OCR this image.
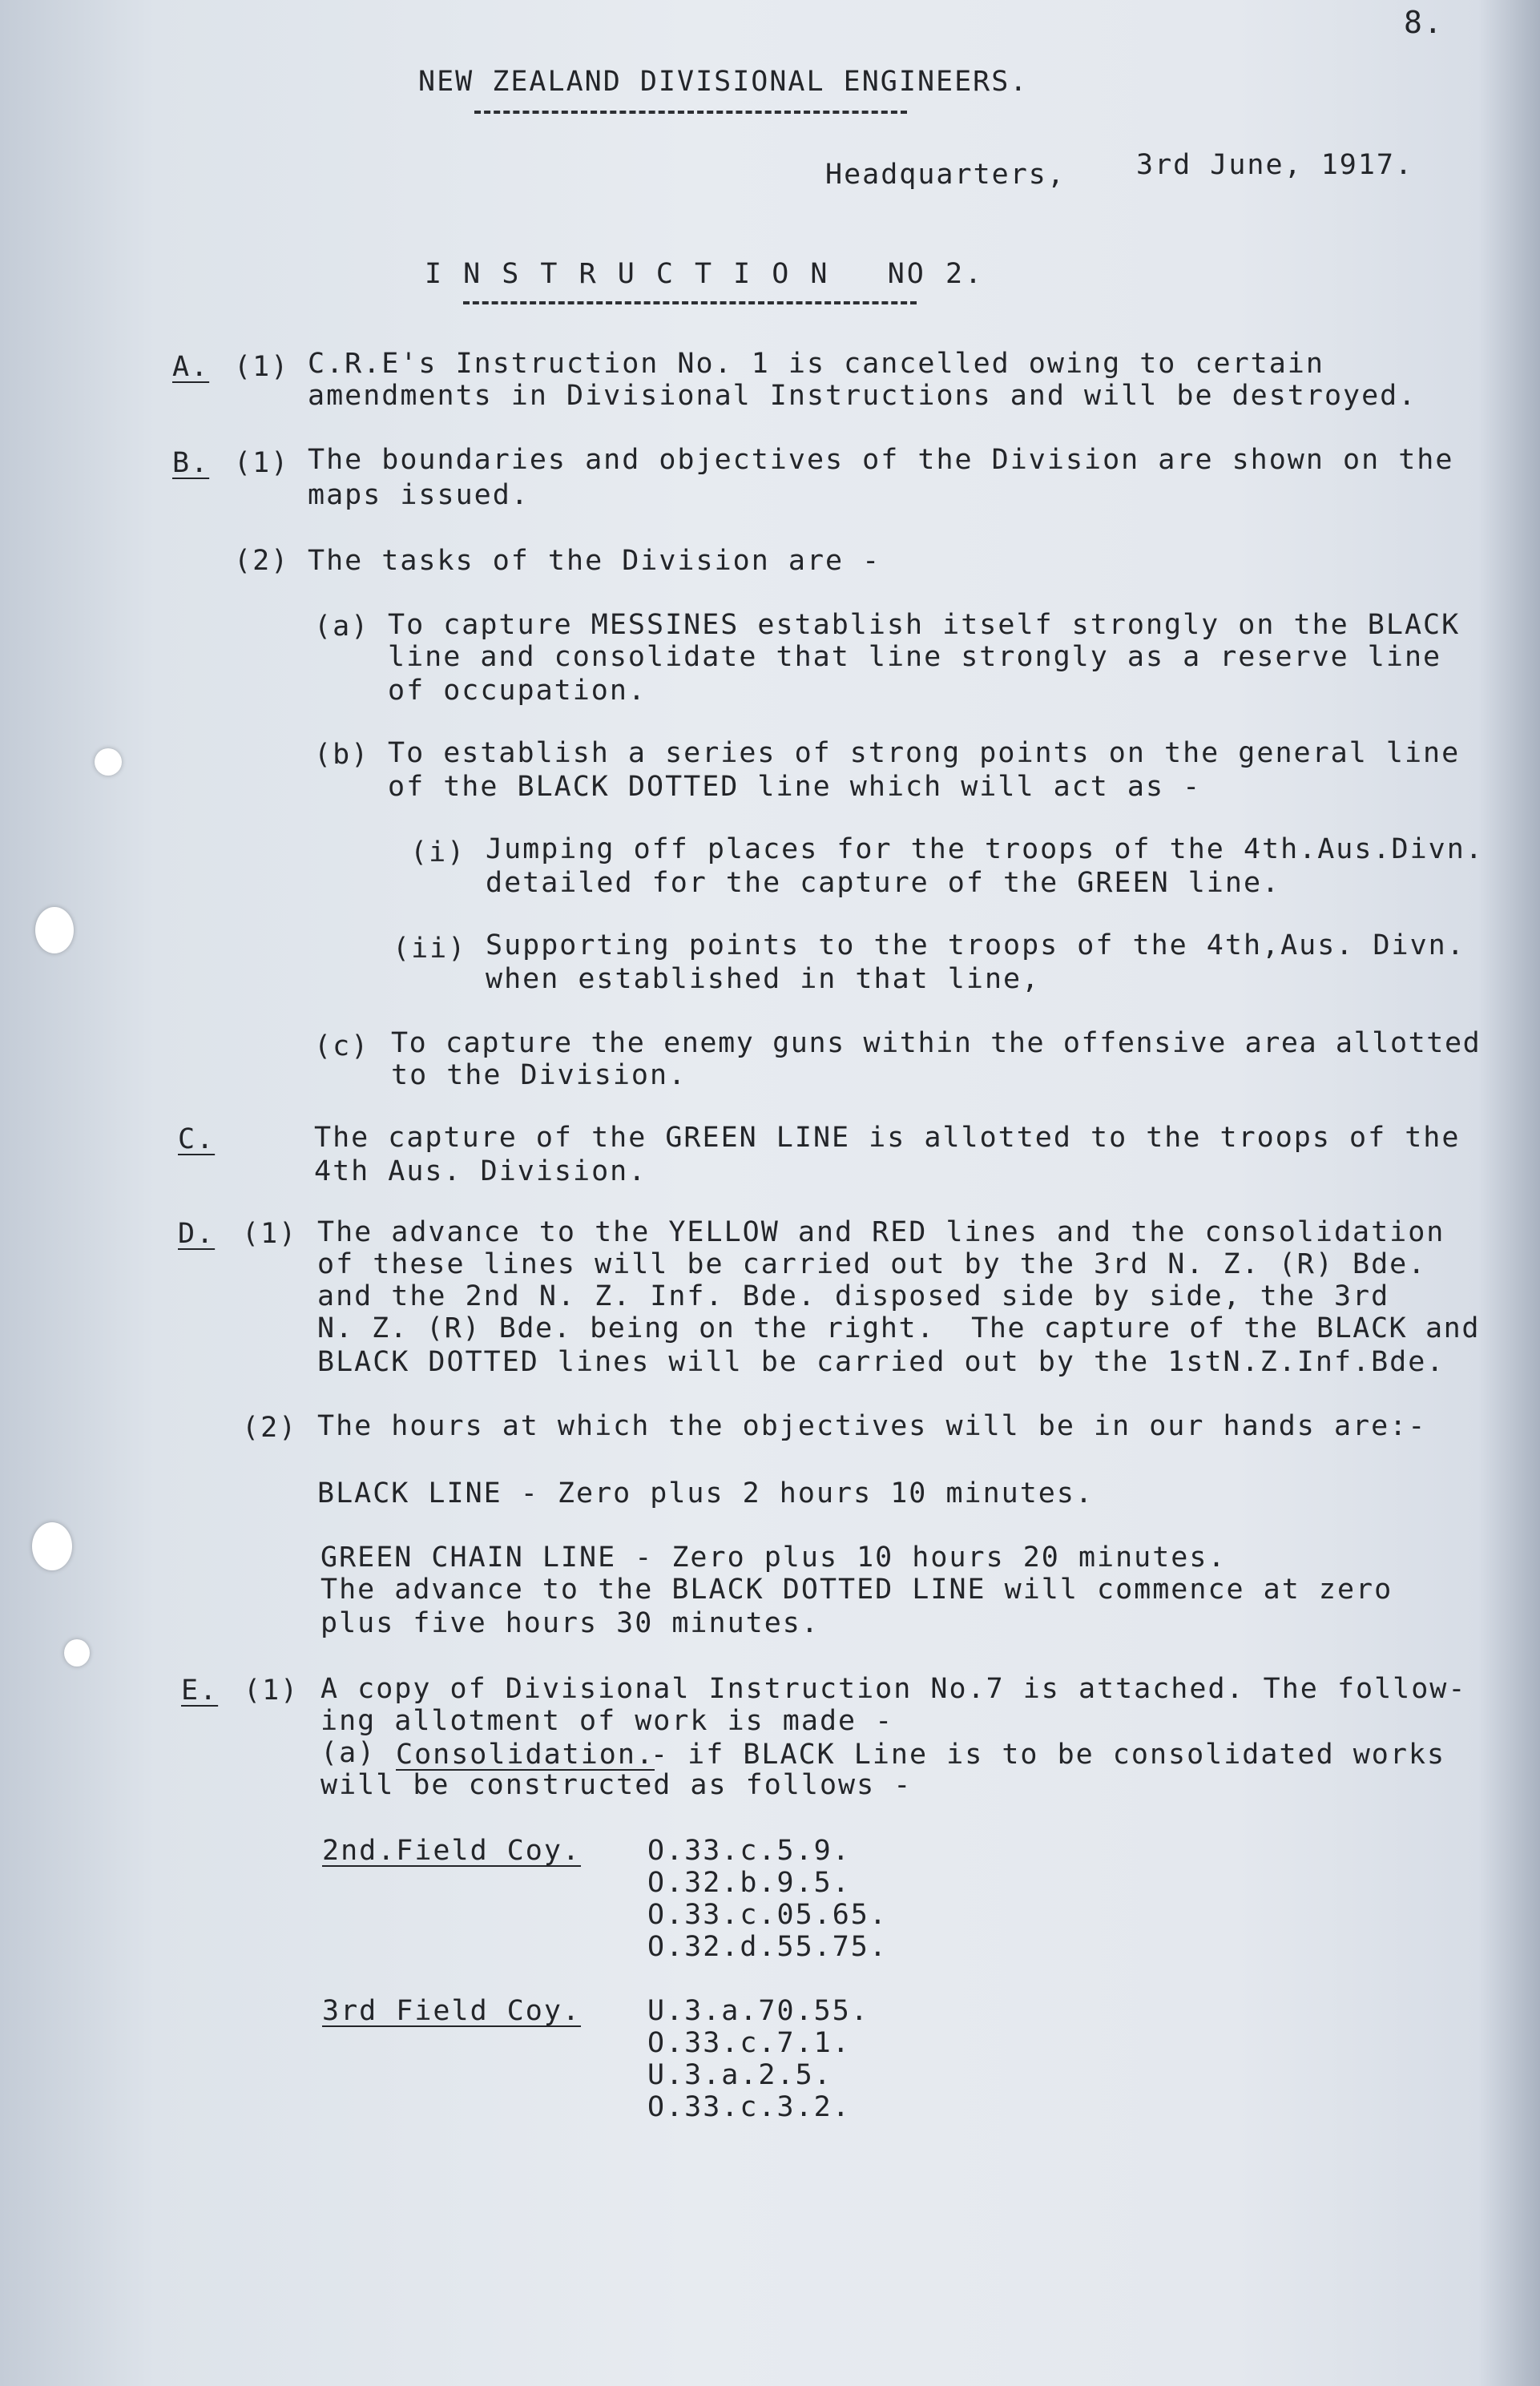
8.
NEW ZEALAND DIVISIONAL ENGINEERS.
Headquarters,	3rd June, 1917.
I N S T R U C T I O N   NO 2.
A. (1) C.R.E's Instruction No. 1 is cancelled owing to certain
amendments in Divisional Instructions and will be destroyed.
B. (1) The boundaries and objectives of the Division are shown on the
maps issued.
(2) The tasks of the Division are -
(a) To capture MESSINES establish itself strongly on the BLACK
line and consolidate that line strongly as a reserve line
of occupation.
(b) To establish a series of strong points on the general line
of the BLACK DOTTED line which will act as -
(i) Jumping off places for the troops of the 4th.Aus.Divn.
detailed for the capture of the GREEN line.
(ii) Supporting points to the troops of the 4th,Aus. Divn.
when established in that line,
(c) To capture the enemy guns within the offensive area allotted
to the Division.
C.	The capture of the GREEN LINE is allotted to the troops of the
4th Aus. Division.
D. (1) The advance to the YELLOW and RED lines and the consolidation
of these lines will be carried out by the 3rd N. Z. (R) Bde.
and the 2nd N. Z. Inf. Bde. disposed side by side, the 3rd
N. Z. (R) Bde. being on the right.  The capture of the BLACK and
BLACK DOTTED lines will be carried out by the 1stN.Z.Inf.Bde.
(2) The hours at which the objectives will be in our hands are:-
BLACK LINE - Zero plus 2 hours 10 minutes.
GREEN CHAIN LINE - Zero plus 10 hours 20 minutes.
The advance to the BLACK DOTTED LINE will commence at zero
plus five hours 30 minutes.
E. (1) A copy of Divisional Instruction No.7 is attached. The follow-
ing allotment of work is made -
(a) Consolidation.
- if BLACK Line is to be consolidated works
will be constructed as follows -
2nd.Field Coy. O.33.c.5.9.
O.32.b.9.5.
O.33.c.05.65.
O.32.d.55.75.
3rd Field Coy. U.3.a.70.55.
O.33.c.7.1.
U.3.a.2.5.
O.33.c.3.2.
